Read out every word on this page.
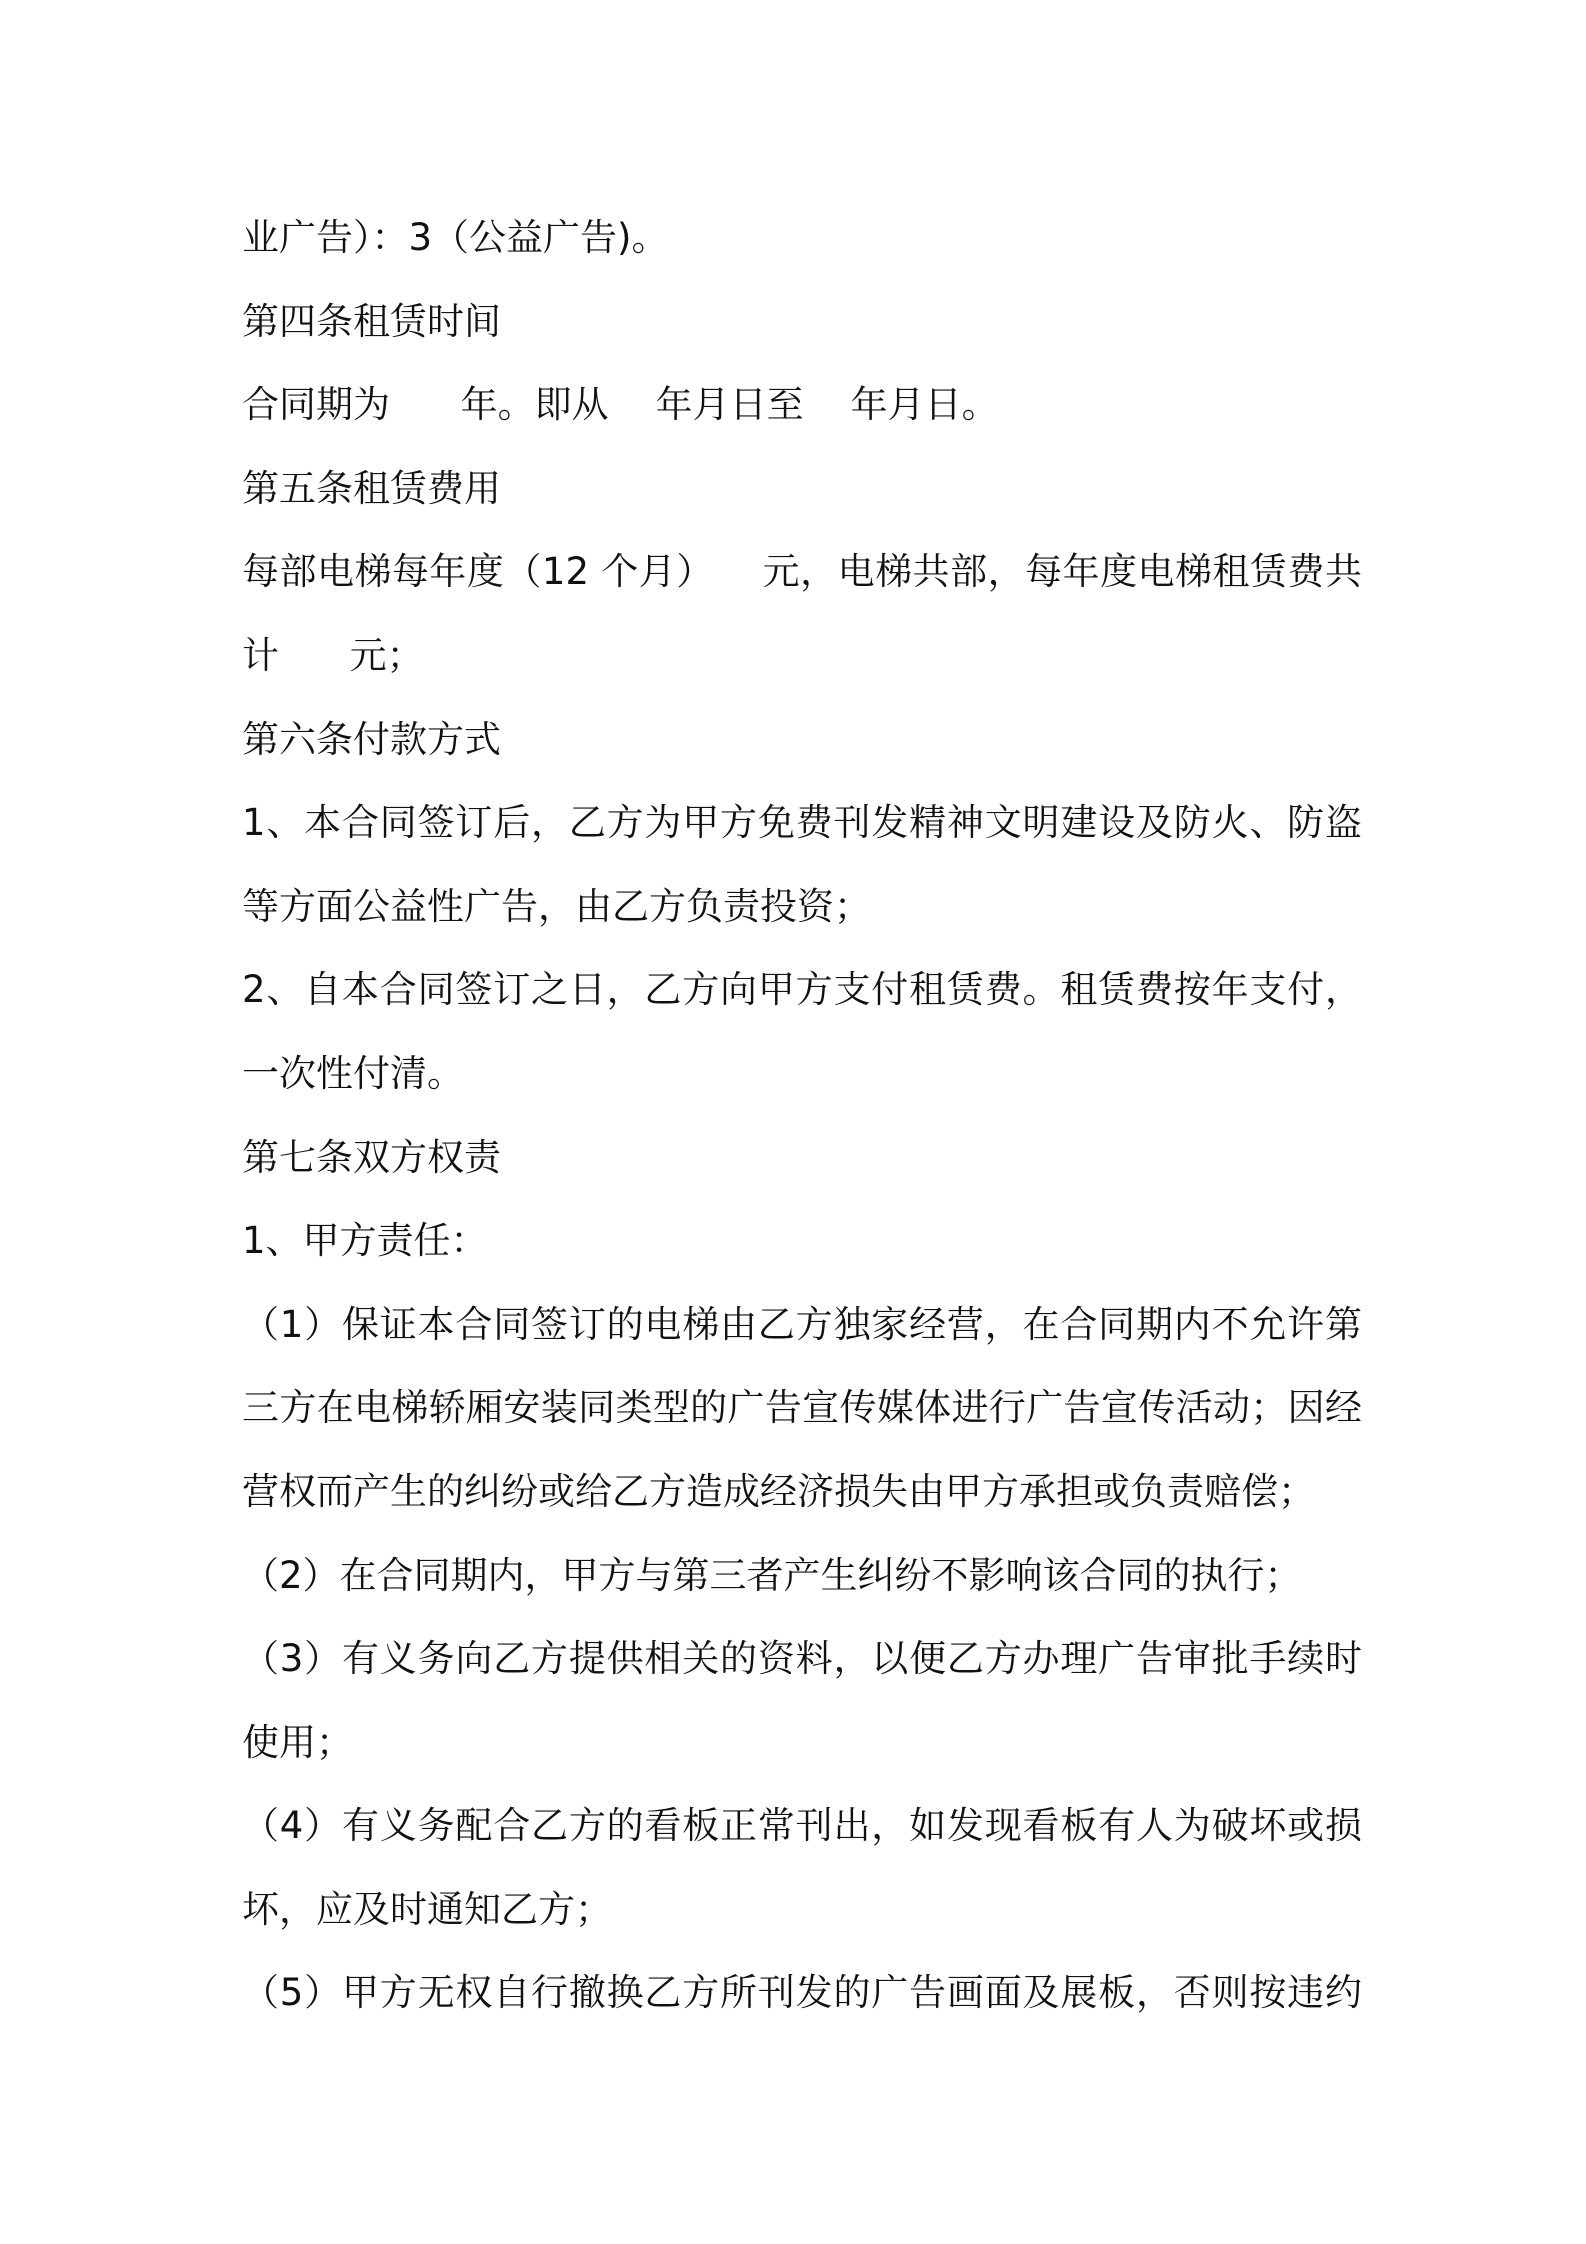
业广告）：3（公益广告)。
第四条租赁时间
合同期为      年。即从    年月日至    年月日。
第五条租赁费用
每部电梯每年度（12 个月）    元，电梯共部，每年度电梯租赁费共
计      元；
第六条付款方式
1、本合同签订后，乙方为甲方免费刊发精神文明建设及防火、防盗
等方面公益性广告，由乙方负责投资；
2、自本合同签订之日，乙方向甲方支付租赁费。租赁费按年支付，
一次性付清。
第七条双方权责
1、甲方责任：
（1）保证本合同签订的电梯由乙方独家经营，在合同期内不允许第
三方在电梯轿厢安装同类型的广告宣传媒体进行广告宣传活动；因经
营权而产生的纠纷或给乙方造成经济损失由甲方承担或负责赔偿；
（2）在合同期内，甲方与第三者产生纠纷不影响该合同的执行；
（3）有义务向乙方提供相关的资料，以便乙方办理广告审批手续时
使用；
（4）有义务配合乙方的看板正常刊出，如发现看板有人为破坏或损
坏，应及时通知乙方；
（5）甲方无权自行撤换乙方所刊发的广告画面及展板，否则按违约
